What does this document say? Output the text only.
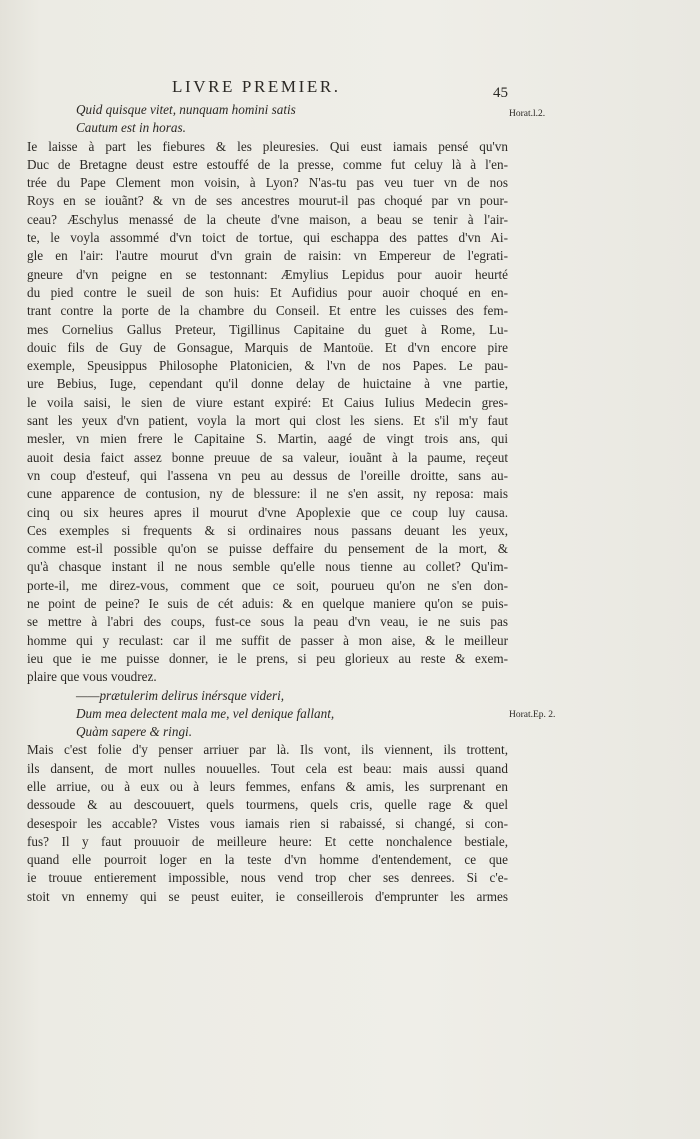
LIVRE PREMIER.	45
Horat.l.2.
Horat.Ep. 2.
Quid quisque vitet, nunquam homini satis
Cautum est in horas.
Ie laisse à part les fiebures & les pleuresies. Qui eust iamais pensé qu'vn
Duc de Bretagne deust estre estouffé de la presse, comme fut celuy là à l'en-
trée du Pape Clement mon voisin, à Lyon? N'as-tu pas veu tuer vn de nos
Roys en se iouãnt? & vn de ses ancestres mourut-il pas choqué par vn pour-
ceau? Æschylus menassé de la cheute d'vne maison, a beau se tenir à l'air-
te, le voyla assommé d'vn toict de tortue, qui eschappa des pattes d'vn Ai-
gle en l'air: l'autre mourut d'vn grain de raisin: vn Empereur de l'egrati-
gneure d'vn peigne en se testonnant: Æmylius Lepidus pour auoir heurté
du pied contre le sueil de son huis: Et Aufidius pour auoir choqué en en-
trant contre la porte de la chambre du Conseil. Et entre les cuisses des fem-
mes Cornelius Gallus Preteur, Tigillinus Capitaine du guet à Rome, Lu-
douic fils de Guy de Gonsague, Marquis de Mantoüe. Et d'vn encore pire
exemple, Speusippus Philosophe Platonicien, & l'vn de nos Papes. Le pau-
ure Bebius, Iuge, cependant qu'il donne delay de huictaine à vne partie,
le voila saisi, le sien de viure estant expiré: Et Caius Iulius Medecin gres-
sant les yeux d'vn patient, voyla la mort qui clost les siens. Et s'il m'y faut
mesler, vn mien frere le Capitaine S. Martin, aagé de vingt trois ans, qui
auoit desia faict assez bonne preuue de sa valeur, iouãnt à la paume, reçeut
vn coup d'esteuf, qui l'assena vn peu au dessus de l'oreille droitte, sans au-
cune apparence de contusion, ny de blessure: il ne s'en assit, ny reposa: mais
cinq ou six heures apres il mourut d'vne Apoplexie que ce coup luy causa.
Ces exemples si frequents & si ordinaires nous passans deuant les yeux,
comme est-il possible qu'on se puisse deffaire du pensement de la mort, &
qu'à chasque instant il ne nous semble qu'elle nous tienne au collet? Qu'im-
porte-il, me direz-vous, comment que ce soit, pourueu qu'on ne s'en don-
ne point de peine? Ie suis de cét aduis: & en quelque maniere qu'on se puis-
se mettre à l'abri des coups, fust-ce sous la peau d'vn veau, ie ne suis pas
homme qui y reculast: car il me suffit de passer à mon aise, & le meilleur
ieu que ie me puisse donner, ie le prens, si peu glorieux au reste & exem-
plaire que vous voudrez.
——prætulerim delirus inérsque videri,
Dum mea delectent mala me, vel denique fallant,
Quàm sapere & ringi.
Mais c'est folie d'y penser arriuer par là. Ils vont, ils viennent, ils trottent,
ils dansent, de mort nulles nouuelles. Tout cela est beau: mais aussi quand
elle arriue, ou à eux ou à leurs femmes, enfans & amis, les surprenant en
dessoude & au descouuert, quels tourmens, quels cris, quelle rage & quel
desespoir les accable? Vistes vous iamais rien si rabaissé, si changé, si con-
fus? Il y faut prouuoir de meilleure heure: Et cette nonchalence bestiale,
quand elle pourroit loger en la teste d'vn homme d'entendement, ce que
ie trouue entierement impossible, nous vend trop cher ses denrees. Si c'e-
stoit vn ennemy qui se peust euiter, ie conseillerois d'emprunter les armes
